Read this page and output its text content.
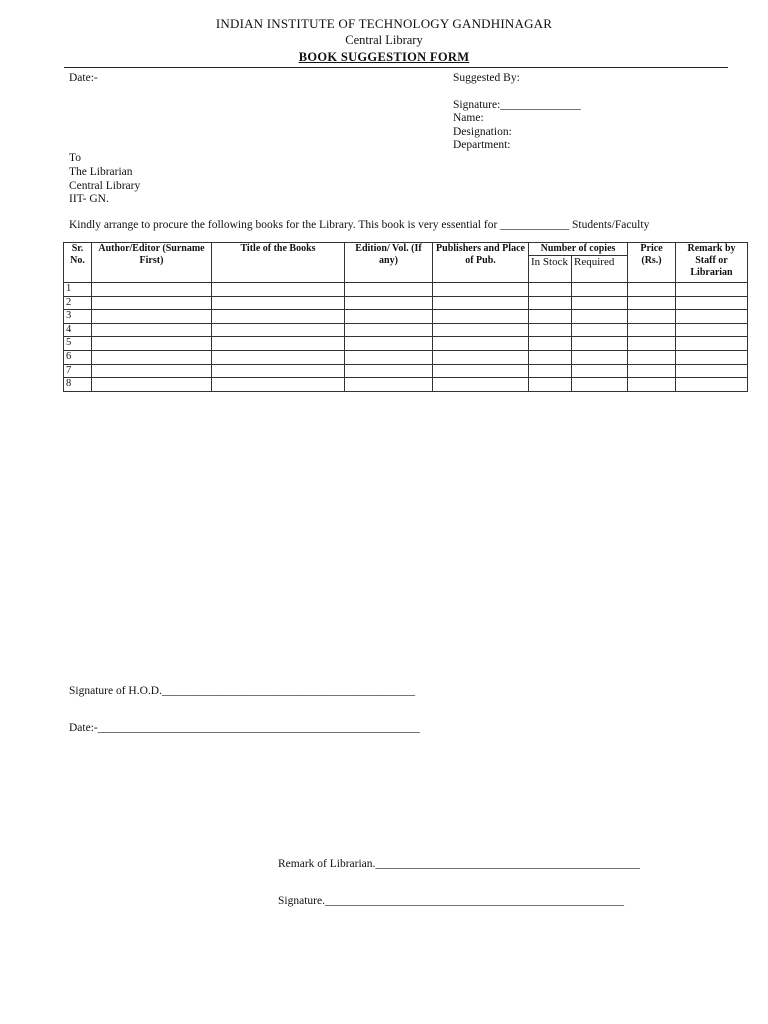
INDIAN INSTITUTE OF TECHNOLOGY GANDHINAGAR
Central Library
BOOK SUGGESTION FORM
Date:-	Suggested By:
Signature:______________
Name:
Designation:
Department:
To
The Librarian
Central Library
IIT- GN.
Kindly arrange to procure the following books for the Library. This book is very essential for ____________ Students/Faculty
Sr. No.	Author/Editor (Surname First)	Title of the Books	Edition/ Vol. (If any)	Publishers and Place of Pub.	Number of copies		Price (Rs.)	Remark by Staff or Librarian
					In Stock	Required		
1								
2								
3								
4								
5								
6								
7								
8								
Signature of H.O.D.____________________________________________
Date:-________________________________________________________
Remark of Librarian.______________________________________________
Signature.____________________________________________________
